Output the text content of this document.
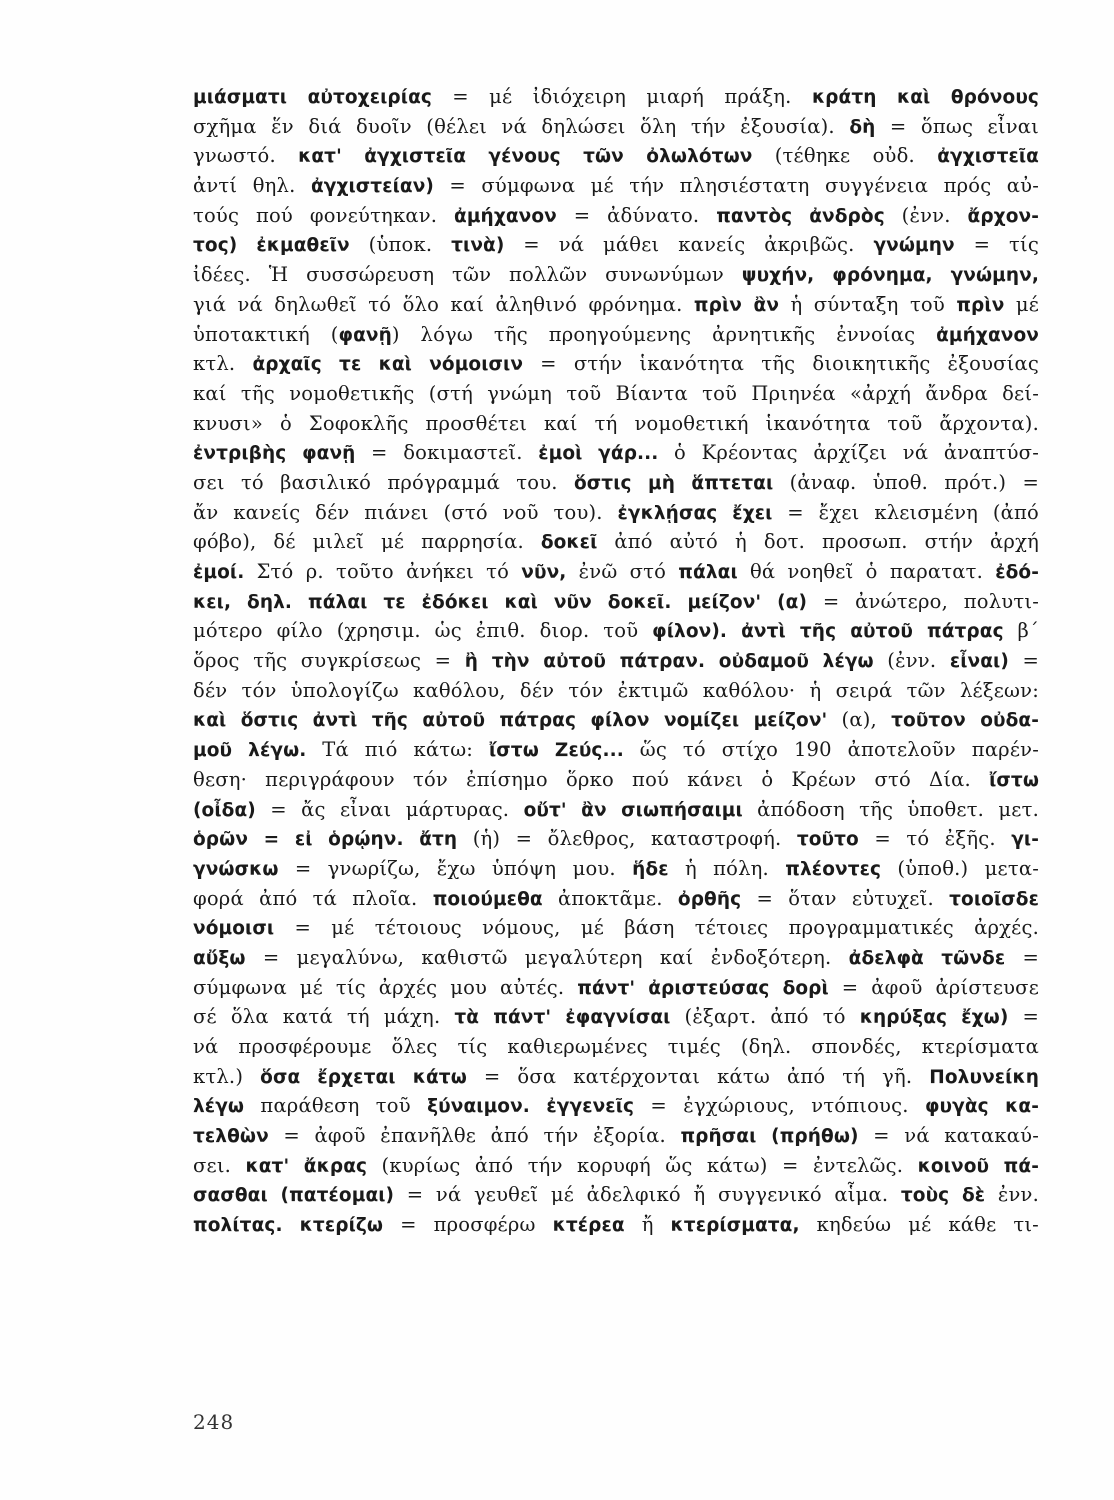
μιάσματι αὐτοχειρίας = μέ ἰδιόχειρη μιαρή πράξη. κράτη καὶ θρόνους
σχῆμα ἕν διά δυοῖν (θέλει νά δηλώσει ὅλη τήν ἐξουσία). δὴ = ὅπως εἶναι
γνωστό. κατ' ἀγχιστεῖα γένους τῶν ὀλωλότων (τέθηκε οὐδ. ἀγχιστεῖα
ἀντί θηλ. ἀγχιστείαν) = σύμφωνα μέ τήν πλησιέστατη συγγένεια πρός αὐ-
τούς πού φονεύτηκαν. ἀμήχανον = ἀδύνατο. παντὸς ἀνδρὸς (ἐνν. ἄρχον-
τος) ἐκμαθεῖν (ὑποκ. τινὰ) = νά μάθει κανείς ἀκριβῶς. γνώμην = τίς
ἰδέες. Ἡ συσσώρευση τῶν πολλῶν συνωνύμων ψυχήν, φρόνημα, γνώμην,
γιά νά δηλωθεῖ τό ὅλο καί ἀληθινό φρόνημα. πρὶν ἂν ἡ σύνταξη τοῦ πρὶν μέ
ὑποτακτική (φανῇ) λόγω τῆς προηγούμενης ἀρνητικῆς ἐννοίας ἀμήχανον
κτλ. ἀρχαῖς τε καὶ νόμοισιν = στήν ἱκανότητα τῆς διοικητικῆς ἐξουσίας
καί τῆς νομοθετικῆς (στή γνώμη τοῦ Βίαντα τοῦ Πριηνέα «ἀρχή ἄνδρα δεί-
κνυσι» ὁ Σοφοκλῆς προσθέτει καί τή νομοθετική ἱκανότητα τοῦ ἄρχοντα).
ἐντριβὴς φανῇ = δοκιμαστεῖ. ἐμοὶ γάρ... ὁ Κρέοντας ἀρχίζει νά ἀναπτύσ-
σει τό βασιλικό πρόγραμμά του. ὅστις μὴ ἅπτεται (ἀναφ. ὑποθ. πρότ.) =
ἄν κανείς δέν πιάνει (στό νοῦ του). ἐγκλῄσας ἔχει = ἔχει κλεισμένη (ἀπό
φόβο), δέ μιλεῖ μέ παρρησία. δοκεῖ ἀπό αὐτό ἡ δοτ. προσωπ. στήν ἀρχή
ἐμοί. Στό ρ. τοῦτο ἀνήκει τό νῦν, ἐνῶ στό πάλαι θά νοηθεῖ ὁ παρατατ. ἐδό-
κει, δηλ. πάλαι τε ἐδόκει καὶ νῦν δοκεῖ. μείζον' (α) = ἀνώτερο, πολυτι-
μότερο φίλο (χρησιμ. ὡς ἐπιθ. διορ. τοῦ φίλον). ἀντὶ τῆς αὐτοῦ πάτρας β΄
ὅρος τῆς συγκρίσεως = ἢ τὴν αὐτοῦ πάτραν. οὐδαμοῦ λέγω (ἐνν. εἶναι) =
δέν τόν ὑπολογίζω καθόλου, δέν τόν ἐκτιμῶ καθόλου· ἡ σειρά τῶν λέξεων:
καὶ ὅστις ἀντὶ τῆς αὐτοῦ πάτρας φίλον νομίζει μείζον' (α), τοῦτον οὐδα-
μοῦ λέγω. Τά πιό κάτω: ἴστω Ζεύς... ὥς τό στίχο 190 ἀποτελοῦν παρέν-
θεση· περιγράφουν τόν ἐπίσημο ὅρκο πού κάνει ὁ Κρέων στό Δία. ἴστω
(οἶδα) = ἄς εἶναι μάρτυρας. οὔτ' ἂν σιωπήσαιμι ἀπόδοση τῆς ὑποθετ. μετ.
ὁρῶν = εἰ ὁρῴην. ἄτη (ἡ) = ὄλεθρος, καταστροφή. τοῦτο = τό ἐξῆς. γι-
γνώσκω = γνωρίζω, ἔχω ὑπόψη μου. ἥδε ἡ πόλη. πλέοντες (ὑποθ.) μετα-
φορά ἀπό τά πλοῖα. ποιούμεθα ἀποκτᾶμε. ὀρθῆς = ὅταν εὐτυχεῖ. τοιοῖσδε
νόμοισι = μέ τέτοιους νόμους, μέ βάση τέτοιες προγραμματικές ἀρχές.
αὔξω = μεγαλύνω, καθιστῶ μεγαλύτερη καί ἐνδοξότερη. ἀδελφὰ τῶνδε =
σύμφωνα μέ τίς ἀρχές μου αὐτές. πάντ' ἀριστεύσας δορὶ = ἀφοῦ ἀρίστευσε
σέ ὅλα κατά τή μάχη. τὰ πάντ' ἐφαγνίσαι (ἐξαρτ. ἀπό τό κηρύξας ἔχω) =
νά προσφέρουμε ὅλες τίς καθιερωμένες τιμές (δηλ. σπονδές, κτερίσματα
κτλ.) ὅσα ἔρχεται κάτω = ὅσα κατέρχονται κάτω ἀπό τή γῆ. Πολυνείκη
λέγω παράθεση τοῦ ξύναιμον. ἐγγενεῖς = ἐγχώριους, ντόπιους. φυγὰς κα-
τελθὼν = ἀφοῦ ἐπανῆλθε ἀπό τήν ἐξορία. πρῆσαι (πρήθω) = νά κατακαύ-
σει. κατ' ἄκρας (κυρίως ἀπό τήν κορυφή ὥς κάτω) = ἐντελῶς. κοινοῦ πά-
σασθαι (πατέομαι) = νά γευθεῖ μέ ἀδελφικό ἤ συγγενικό αἷμα. τοὺς δὲ ἐνν.
πολίτας. κτερίζω = προσφέρω κτέρεα ἤ κτερίσματα, κηδεύω μέ κάθε τι-
248
